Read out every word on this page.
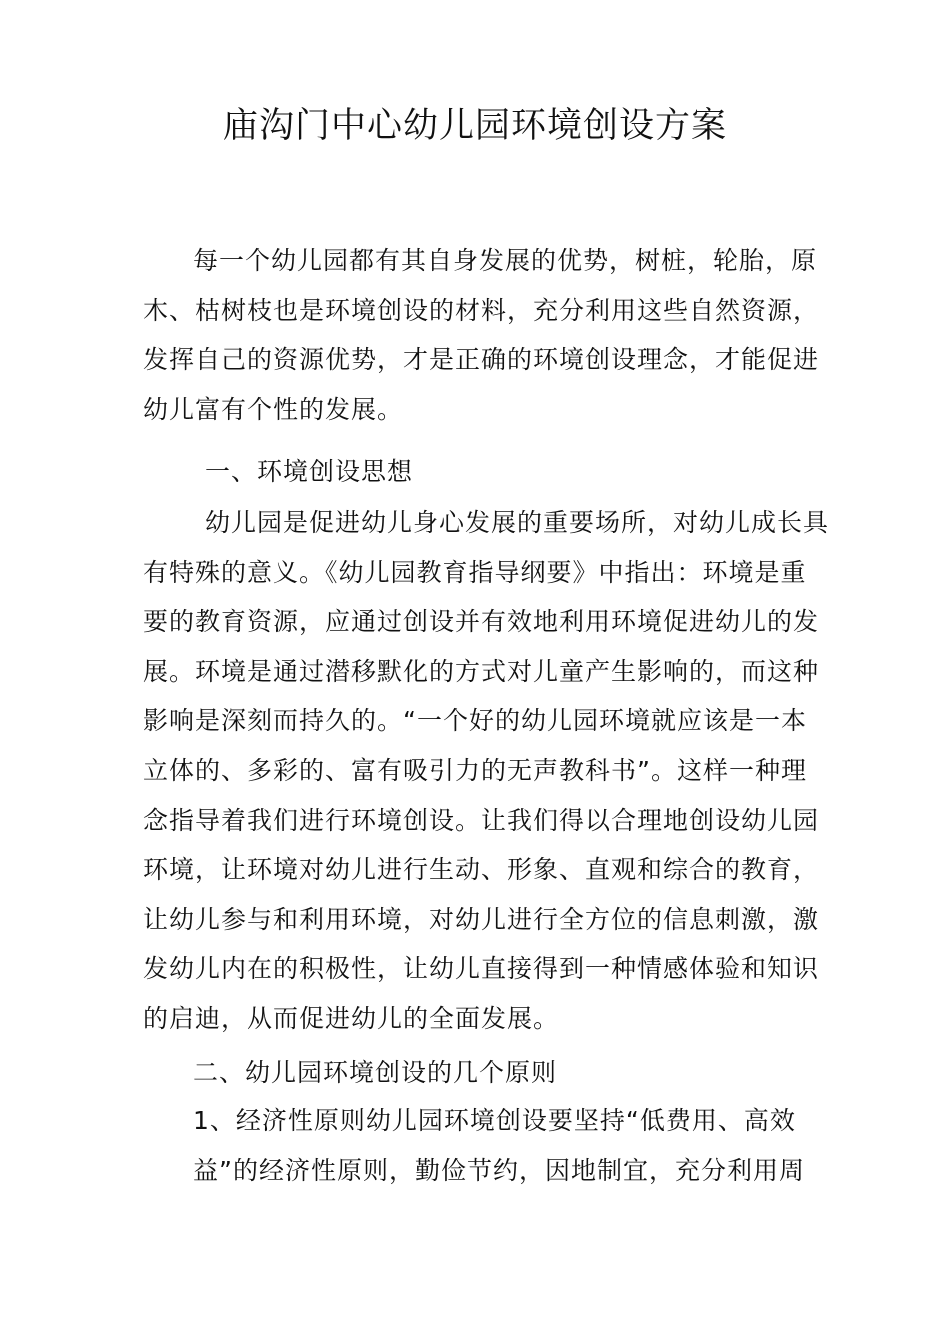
庙沟门中心幼儿园环境创设方案
每一个幼儿园都有其自身发展的优势，树桩，轮胎，原
木、枯树枝也是环境创设的材料，充分利用这些自然资源，
发挥自己的资源优势，才是正确的环境创设理念，才能促进
幼儿富有个性的发展。
一、环境创设思想
幼儿园是促进幼儿身心发展的重要场所，对幼儿成长具
有特殊的意义。《幼儿园教育指导纲要》中指出：环境是重
要的教育资源，应通过创设并有效地利用环境促进幼儿的发
展。环境是通过潜移默化的方式对儿童产生影响的，而这种
影响是深刻而持久的。“一个好的幼儿园环境就应该是一本
立体的、多彩的、富有吸引力的无声教科书”。这样一种理
念指导着我们进行环境创设。让我们得以合理地创设幼儿园
环境，让环境对幼儿进行生动、形象、直观和综合的教育，
让幼儿参与和利用环境，对幼儿进行全方位的信息刺激，激
发幼儿内在的积极性，让幼儿直接得到一种情感体验和知识
的启迪，从而促进幼儿的全面发展。
二、幼儿园环境创设的几个原则
1、经济性原则幼儿园环境创设要坚持“低费用、高效
益”的经济性原则，勤俭节约，因地制宜，充分利用周
